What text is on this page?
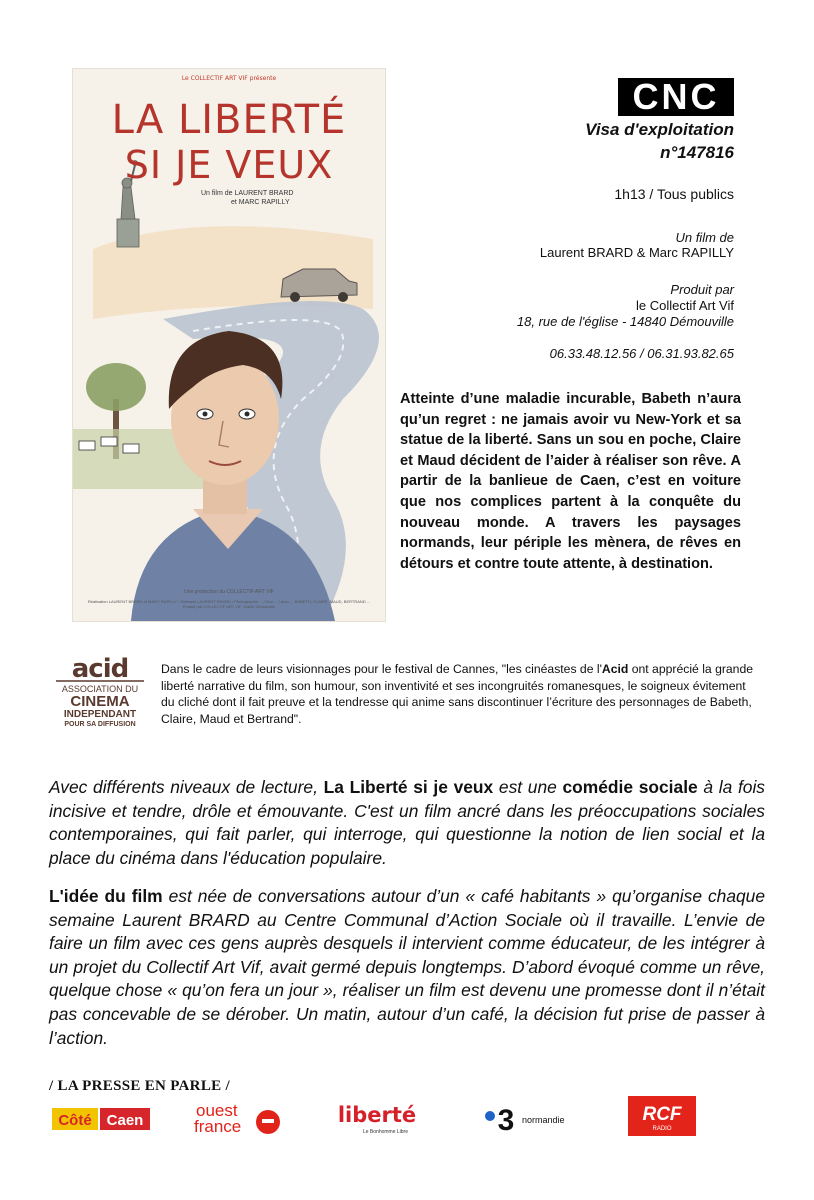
Le COLLECTIF ART VIF présente
LA LIBERTÉ
SI JE VEUX
Un film de LAURENT BRARD
et MARC RAPILLY
Une production du COLLECTIF ART VIF
Réalisation LAURENT BRARD et MARC RAPILLY / Scénario LAURENT BRARD / Photographie ... / Son ... / Avec ... BABETH, CLAIRE, MAUD, BERTRAND ... Produit par COLLECTIF ART VIF, 14840 Démouville
CNC
Visa d'exploitation
n°147816
1h13 / Tous publics
Un film de
Laurent BRARD & Marc RAPILLY
Produit par
le Collectif Art Vif
18, rue de l'église - 14840 Démouville
06.33.48.12.56 / 06.31.93.82.65
Atteinte d’une maladie incurable, Babeth n’aura qu’un regret : ne jamais avoir vu New-York et sa statue de la liberté. Sans un sou en poche, Claire et Maud décident de l’aider à réaliser son rêve. A partir de la banlieue de Caen, c’est en voiture que nos complices partent à la conquête du nouveau monde. A travers les paysages normands, leur périple les mènera, de rêves en détours et contre toute attente, à destination.
acid
ASSOCIATION DU
CINEMA
INDEPENDANT
POUR SA DIFFUSION
Dans le cadre de leurs visionnages pour le festival de Cannes, "les cinéastes de l'Acid ont apprécié la grande liberté narrative du film, son humour, son inventivité et ses incongruités romanesques, le soigneux évitement du cliché dont il fait preuve et la tendresse qui anime sans discontinuer l’écriture des personnages de Babeth, Claire, Maud et Bertrand".
Avec différents niveaux de lecture, La Liberté si je veux est une comédie sociale à la fois incisive et tendre, drôle et émouvante. C'est un film ancré dans les préoccupations sociales contemporaines, qui fait parler, qui interroge, qui questionne la notion de lien social et la place du cinéma dans l'éducation populaire.
L'idée du film est née de conversations autour d’un « café habitants » qu’organise chaque semaine Laurent BRARD au Centre Communal d’Action Sociale où il travaille. L’envie de faire un film avec ces gens auprès desquels il intervient comme éducateur, de les intégrer à un projet du Collectif Art Vif, avait germé depuis longtemps. D’abord évoqué comme un rêve, quelque chose « qu’on fera un jour », réaliser un film est devenu une promesse dont il n’était pas concevable de se dérober. Un matin, autour d’un café, la décision fut prise de passer à l’action.
/ LA PRESSE EN PARLE /
Côté Caen
ouest
france	liberté
Le Bonhomme Libre	3 normandie	RCF
RADIO
